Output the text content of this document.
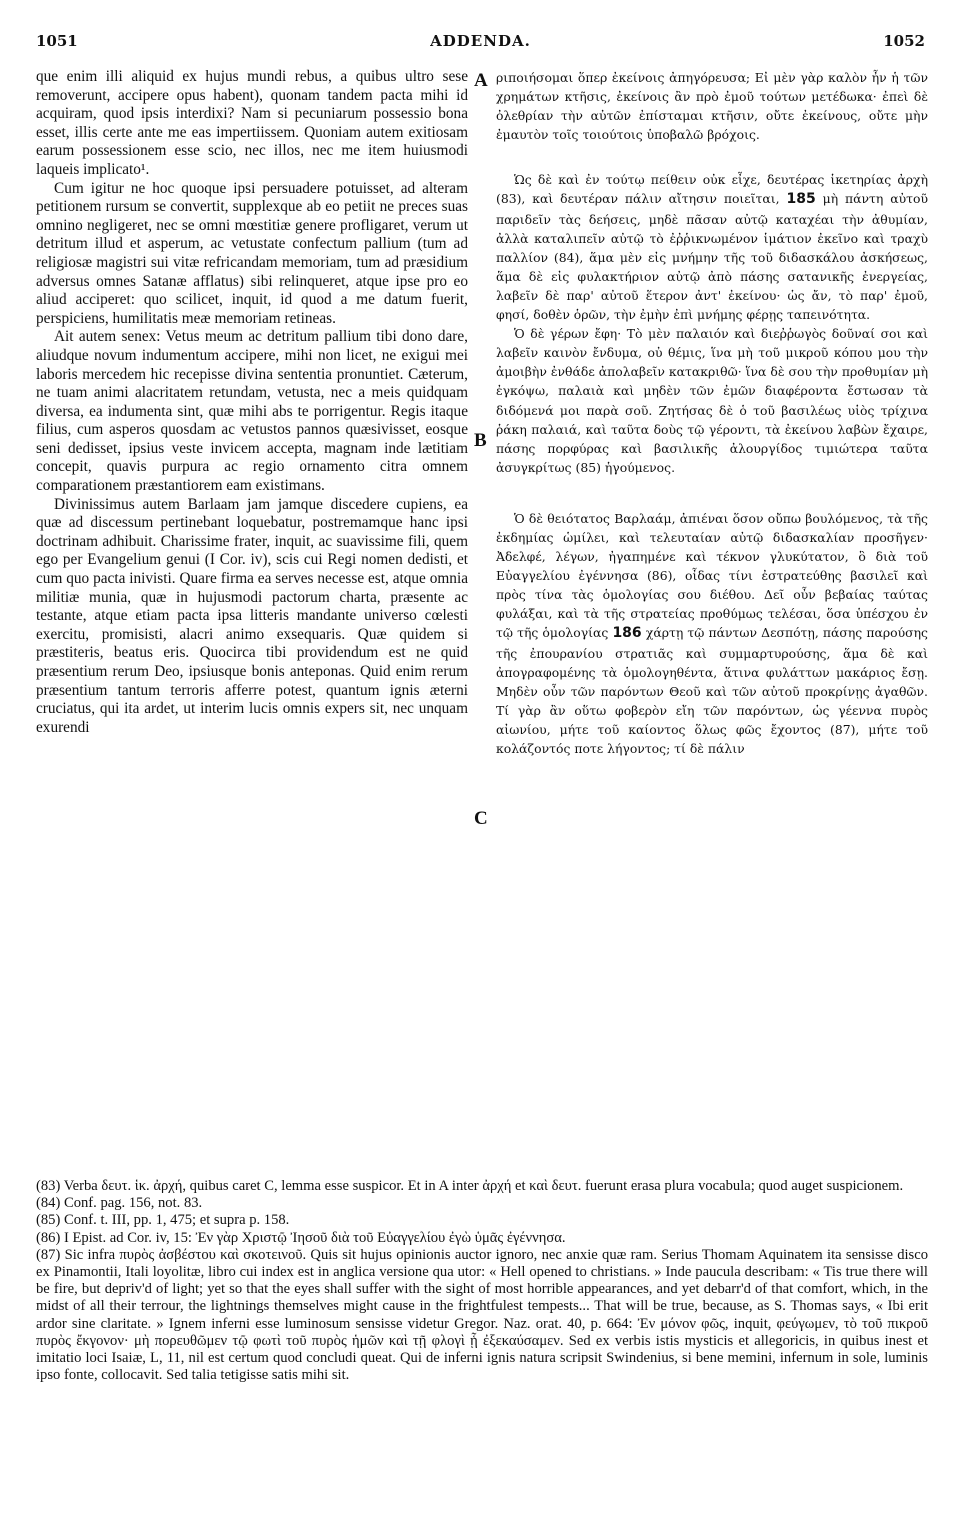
1051	ADDENDA.	1052

que enim illi aliquid ex hujus mundi rebus, a quibus ultro sese removerunt, accipere opus habent), quonam tandem pacta mihi id acquiram, quod ipsis interdixi? Nam si pecuniarum possessio bona esset, illis certe ante me eas impertiissem. Quoniam autem exitiosam earum possessionem esse scio, nec illos, nec me item huiusmodi laqueis implicato¹.

Cum igitur ne hoc quoque ipsi persuadere potuisset, ad alteram petitionem rursum se convertit, supplexque ab eo petiit ne preces suas omnino negligeret, nec se omni mœstitiæ genere profligaret, verum ut detritum illud et asperum, ac vetustate confectum pallium (tum ad religiosæ magistri sui vitæ refricandam memoriam, tum ad præsidium adversus omnes Satanæ afflatus) sibi relinqueret, atque ipse pro eo aliud acciperet: quo scilicet, inquit, id quod a me datum fuerit, perspiciens, humilitatis meæ memoriam retineas.

Ait autem senex: Vetus meum ac detritum pallium tibi dono dare, aliudque novum indumentum accipere, mihi non licet, ne exigui mei laboris mercedem hic recepisse divina sententia pronuntiet. Cæterum, ne tuam animi alacritatem retundam, vetusta, nec a meis quidquam diversa, ea indumenta sint, quæ mihi abs te porrigentur. Regis itaque filius, cum asperos quosdam ac vetustos pannos quæsivisset, eosque seni dedisset, ipsius veste invicem accepta, magnam inde lætitiam concepit, quavis purpura ac regio ornamento citra omnem comparationem præstantiorem eam existimans.

Divinissimus autem Barlaam jam jamque discedere cupiens, ea quæ ad discessum pertinebant loquebatur, postremamque hanc ipsi doctrinam adhibuit. Charissime frater, inquit, ac suavissime fili, quem ego per Evangelium genui (I Cor. iv), scis cui Regi nomen dedisti, et cum quo pacta inivisti. Quare firma ea serves necesse est, atque omnia militiæ munia, quæ in hujusmodi pactorum charta, præsente ac testante, atque etiam pacta ipsa litteris mandante universo cœlesti exercitu, promisisti, alacri animo exsequaris. Quæ quidem si præstiteris, beatus eris. Quocirca tibi providendum est ne quid præsentium rerum Deo, ipsiusque bonis anteponas. Quid enim rerum præsentium tantum terroris afferre potest, quantum ignis æterni cruciatus, qui ita ardet, ut interim lucis omnis expers sit, nec unquam exurendi

A
B
C

ριποιήσομαι ὅπερ ἐκείνοις ἀπηγόρευσα; Εἰ μὲν γὰρ καλὸν ἦν ἡ τῶν χρημάτων κτῆσις, ἐκείνοις ἂν πρὸ ἐμοῦ τούτων μετέδωκα· ἐπεὶ δὲ ὀλεθρίαν τὴν αὐτῶν ἐπίσταμαι κτῆσιν, οὔτε ἐκείνους, οὔτε μὴν ἐμαυτὸν τοῖς τοιούτοις ὑποβαλῶ βρόχοις.

Ὡς δὲ καὶ ἐν τούτῳ πείθειν οὐκ εἶχε, δευτέρας ἱκετηρίας ἀρχὴ (83), καὶ δευτέραν πάλιν αἴτησιν ποιεῖται, 185 μὴ πάντη αὐτοῦ παριδεῖν τὰς δεήσεις, μηδὲ πᾶσαν αὐτῷ καταχέαι τὴν ἀθυμίαν, ἀλλὰ καταλιπεῖν αὐτῷ τὸ ἐῤῥικνωμένον ἱμάτιον ἐκεῖνο καὶ τραχὺ παλλίον (84), ἅμα μὲν εἰς μνήμην τῆς τοῦ διδασκάλου ἀσκήσεως, ἅμα δὲ εἰς φυλακτήριον αὐτῷ ἀπὸ πάσης σατανικῆς ἐνεργείας, λαβεῖν δὲ παρ' αὐτοῦ ἕτερον ἀντ' ἐκείνου· ὡς ἄν, τὸ παρ' ἐμοῦ, φησί, δοθὲν ὁρῶν, τὴν ἐμὴν ἐπὶ μνήμης φέρῃς ταπεινότητα.

Ὁ δὲ γέρων ἔφη· Τὸ μὲν παλαιόν καὶ διεῤῥωγὸς δοῦναί σοι καὶ λαβεῖν καινὸν ἔνδυμα, οὐ θέμις, ἵνα μὴ τοῦ μικροῦ κόπου μου τὴν ἀμοιβὴν ἐνθάδε ἀπολαβεῖν κατακριθῶ· ἵνα δὲ σου τὴν προθυμίαν μὴ ἐγκόψω, παλαιὰ καὶ μηδὲν τῶν ἐμῶν διαφέροντα ἔστωσαν τὰ διδόμενά μοι παρὰ σοῦ. Ζητήσας δὲ ὁ τοῦ βασιλέως υἱὸς τρίχινα ῥάκη παλαιά, καὶ ταῦτα δοὺς τῷ γέροντι, τὰ ἐκείνου λαβὼν ἔχαιρε, πάσης πορφύρας καὶ βασιλικῆς ἀλουργίδος τιμιώτερα ταῦτα ἀσυγκρίτως (85) ἡγούμενος.

Ὁ δὲ θειότατος Βαρλαάμ, ἀπιέναι ὅσον οὔπω βουλόμενος, τὰ τῆς ἐκδημίας ὡμίλει, καὶ τελευταίαν αὐτῷ διδασκαλίαν προσῆγεν· Ἀδελφέ, λέγων, ἠγαπημένε καὶ τέκνον γλυκύτατον, ὃ διὰ τοῦ Εὐαγγελίου ἐγέννησα (86), οἶδας τίνι ἐστρατεύθης βασιλεῖ καὶ πρὸς τίνα τὰς ὁμολογίας σου διέθου. Δεῖ οὖν βεβαίας ταύτας φυλάξαι, καὶ τὰ τῆς στρατείας προθύμως τελέσαι, ὅσα ὑπέσχου ἐν τῷ τῆς ὁμολογίας 186 χάρτῃ τῷ πάντων Δεσπότῃ, πάσης παρούσης τῆς ἐπουρανίου στρατιᾶς καὶ συμμαρτυρούσης, ἅμα δὲ καὶ ἀπογραφομένης τὰ ὁμολογηθέντα, ἅτινα φυλάττων μακάριος ἔσῃ. Μηδὲν οὖν τῶν παρόντων Θεοῦ καὶ τῶν αὐτοῦ προκρίνῃς ἀγαθῶν. Τί γὰρ ἂν οὕτω φοβερὸν εἴη τῶν παρόντων, ὡς γέεννα πυρὸς αἰωνίου, μήτε τοῦ καίοντος ὅλως φῶς ἔχοντος (87), μήτε τοῦ κολάζοντός ποτε λήγοντος; τί δὲ πάλιν

(83) Verba δευτ. ἱκ. ἀρχή, quibus caret C, lemma esse suspicor. Et in A inter ἀρχή et καὶ δευτ. fuerunt erasa plura vocabula; quod auget suspicionem.

(84) Conf. pag. 156, not. 83.

(85) Conf. t. III, pp. 1, 475; et supra p. 158.

(86) I Epist. ad Cor. iv, 15: Ἐν γὰρ Χριστῷ Ἰησοῦ διὰ τοῦ Εὐαγγελίου ἐγὼ ὑμᾶς ἐγέννησα.

(87) Sic infra πυρὸς ἀσβέστου καὶ σκοτεινοῦ. Quis sit hujus opinionis auctor ignoro, nec anxie quæ ram. Serius Thomam Aquinatem ita sensisse disco ex Pinamontii, Itali loyolitæ, libro cui index est in anglica versione qua utor: « Hell opened to christians. » Inde paucula describam: « Tis true there will be fire, but depriv'd of light; yet so that the eyes shall suffer with the sight of most horrible appearances, and yet debarr'd of that comfort, which, in the midst of all their terrour, the lightnings themselves might cause in the frightfulest tempests... That will be true, because, as S. Thomas says, « Ibi erit ardor sine claritate. » Ignem inferni esse luminosum sensisse videtur Gregor. Naz. orat. 40, p. 664: Ἐν μόνον φῶς, inquit, φεύγωμεν, τὸ τοῦ πικροῦ πυρὸς ἔκγονον· μὴ πορευθῶμεν τῷ φωτὶ τοῦ πυρὸς ἡμῶν καὶ τῇ φλογὶ ᾗ ἐξεκαύσαμεν. Sed ex verbis istis mysticis et allegoricis, in quibus inest et imitatio loci Isaiæ, L, 11, nil est certum quod concludi queat. Qui de inferni ignis natura scripsit Swindenius, si bene memini, infernum in sole, luminis ipso fonte, collocavit. Sed talia tetigisse satis mihi sit.
